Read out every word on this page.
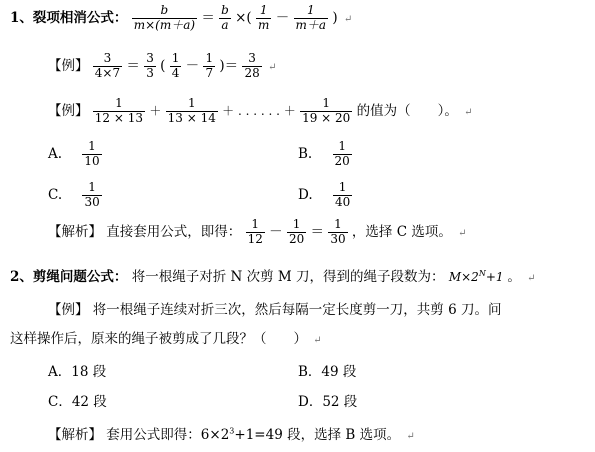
1、裂项相消公式： $\frac{b}{m\times(m+a)} = \frac{b}{a}$ ×( $\frac{1}{m} - \frac{1}{m+a}$ ) ↵
【例】 $\frac{3}{4\times 7} = \frac{3}{3}$ ( $\frac{1}{4} - \frac{1}{7}$ )＝ $\frac{3}{28}$ ↵
【例】 $\frac{1}{12 \times 13} + \frac{1}{13 \times 14}$ ＋ . . . . . . ＋ $\frac{1}{19 \times 20}$ 的值为（　　）。 ↵
A. $\frac{1}{10}$	B. $\frac{1}{20}$
C. $\frac{1}{30}$	D. $\frac{1}{40}$
【解析】 直接套用公式，即得： $\frac{1}{12} - \frac{1}{20} = \frac{1}{30}$ ，选择 C 选项。 ↵
2、剪绳问题公式： 将一根绳子对折 N 次剪 M 刀，得到的绳子段数为： $M\times 2^N+1$ 。 ↵
【例】 将一根绳子连续对折三次，然后每隔一定长度剪一刀，共剪 6 刀。问
这样操作后，原来的绳子被剪成了几段？（　　） ↵
A．18 段	B．49 段
C．42 段	D．52 段
【解析】 套用公式即得：$6\times 2^3+1=49$ 段，选择 B 选项。 ↵
